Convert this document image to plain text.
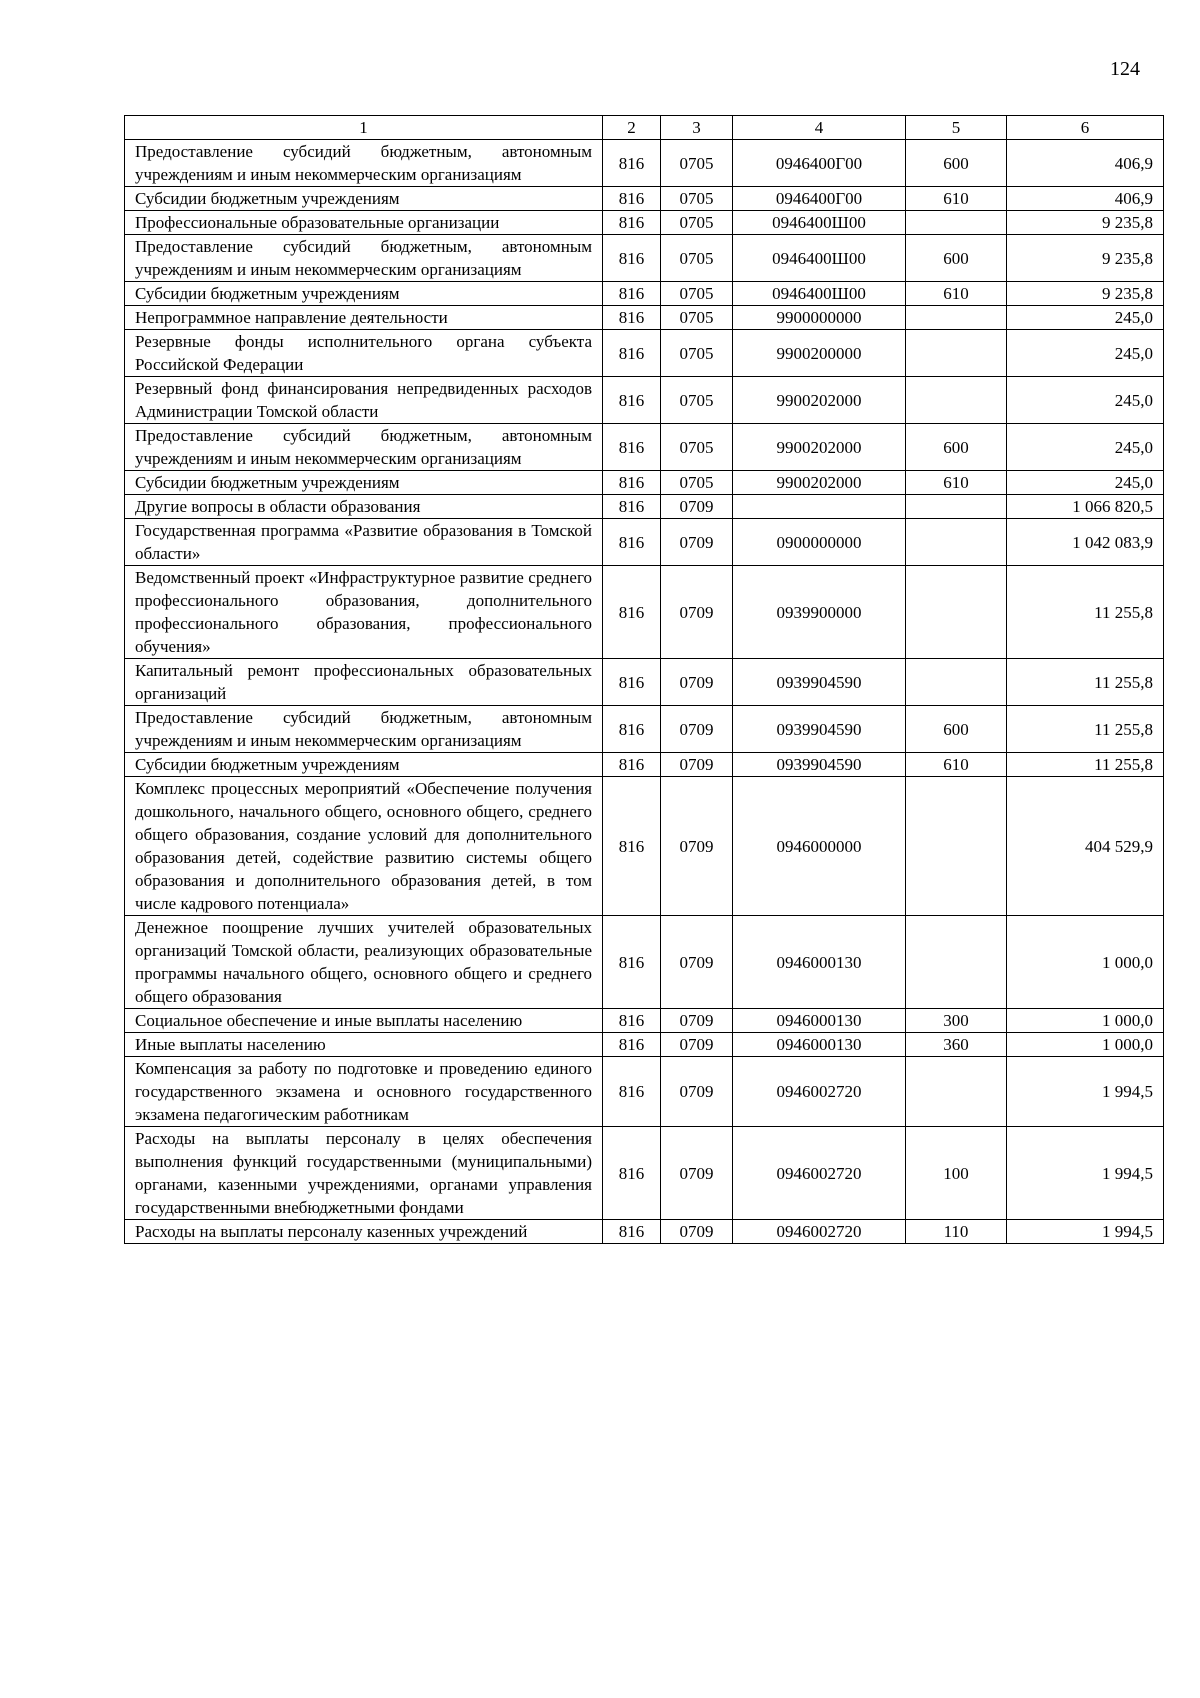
124
1	2	3	4	5	6
Предоставление субсидий бюджетным, автономным учреждениям и иным некоммерческим организациям	816	0705	0946400Г00	600	406,9
Субсидии бюджетным учреждениям	816	0705	0946400Г00	610	406,9
Профессиональные образовательные организации	816	0705	0946400Ш00		9 235,8
Предоставление субсидий бюджетным, автономным учреждениям и иным некоммерческим организациям	816	0705	0946400Ш00	600	9 235,8
Субсидии бюджетным учреждениям	816	0705	0946400Ш00	610	9 235,8
Непрограммное направление деятельности	816	0705	9900000000		245,0
Резервные фонды исполнительного органа субъекта Российской Федерации	816	0705	9900200000		245,0
Резервный фонд финансирования непредвиденных расходов Администрации Томской области	816	0705	9900202000		245,0
Предоставление субсидий бюджетным, автономным учреждениям и иным некоммерческим организациям	816	0705	9900202000	600	245,0
Субсидии бюджетным учреждениям	816	0705	9900202000	610	245,0
Другие вопросы в области образования	816	0709			1 066 820,5
Государственная программа «Развитие образования в Томской области»	816	0709	0900000000		1 042 083,9
Ведомственный проект «Инфраструктурное развитие среднего профессионального образования, дополнительного профессионального образования, профессионального обучения»	816	0709	0939900000		11 255,8
Капитальный ремонт профессиональных образовательных организаций	816	0709	0939904590		11 255,8
Предоставление субсидий бюджетным, автономным учреждениям и иным некоммерческим организациям	816	0709	0939904590	600	11 255,8
Субсидии бюджетным учреждениям	816	0709	0939904590	610	11 255,8
Комплекс процессных мероприятий «Обеспечение получения дошкольного, начального общего, основного общего, среднего общего образования, создание условий для дополнительного образования детей, содействие развитию системы общего образования и дополнительного образования детей, в том числе кадрового потенциала»	816	0709	0946000000		404 529,9
Денежное поощрение лучших учителей образовательных организаций Томской области, реализующих образовательные программы начального общего, основного общего и среднего общего образования	816	0709	0946000130		1 000,0
Социальное обеспечение и иные выплаты населению	816	0709	0946000130	300	1 000,0
Иные выплаты населению	816	0709	0946000130	360	1 000,0
Компенсация за работу по подготовке и проведению единого государственного экзамена и основного государственного экзамена педагогическим работникам	816	0709	0946002720		1 994,5
Расходы на выплаты персоналу в целях обеспечения выполнения функций государственными (муниципальными) органами, казенными учреждениями, органами управления государственными внебюджетными фондами	816	0709	0946002720	100	1 994,5
Расходы на выплаты персоналу казенных учреждений	816	0709	0946002720	110	1 994,5
